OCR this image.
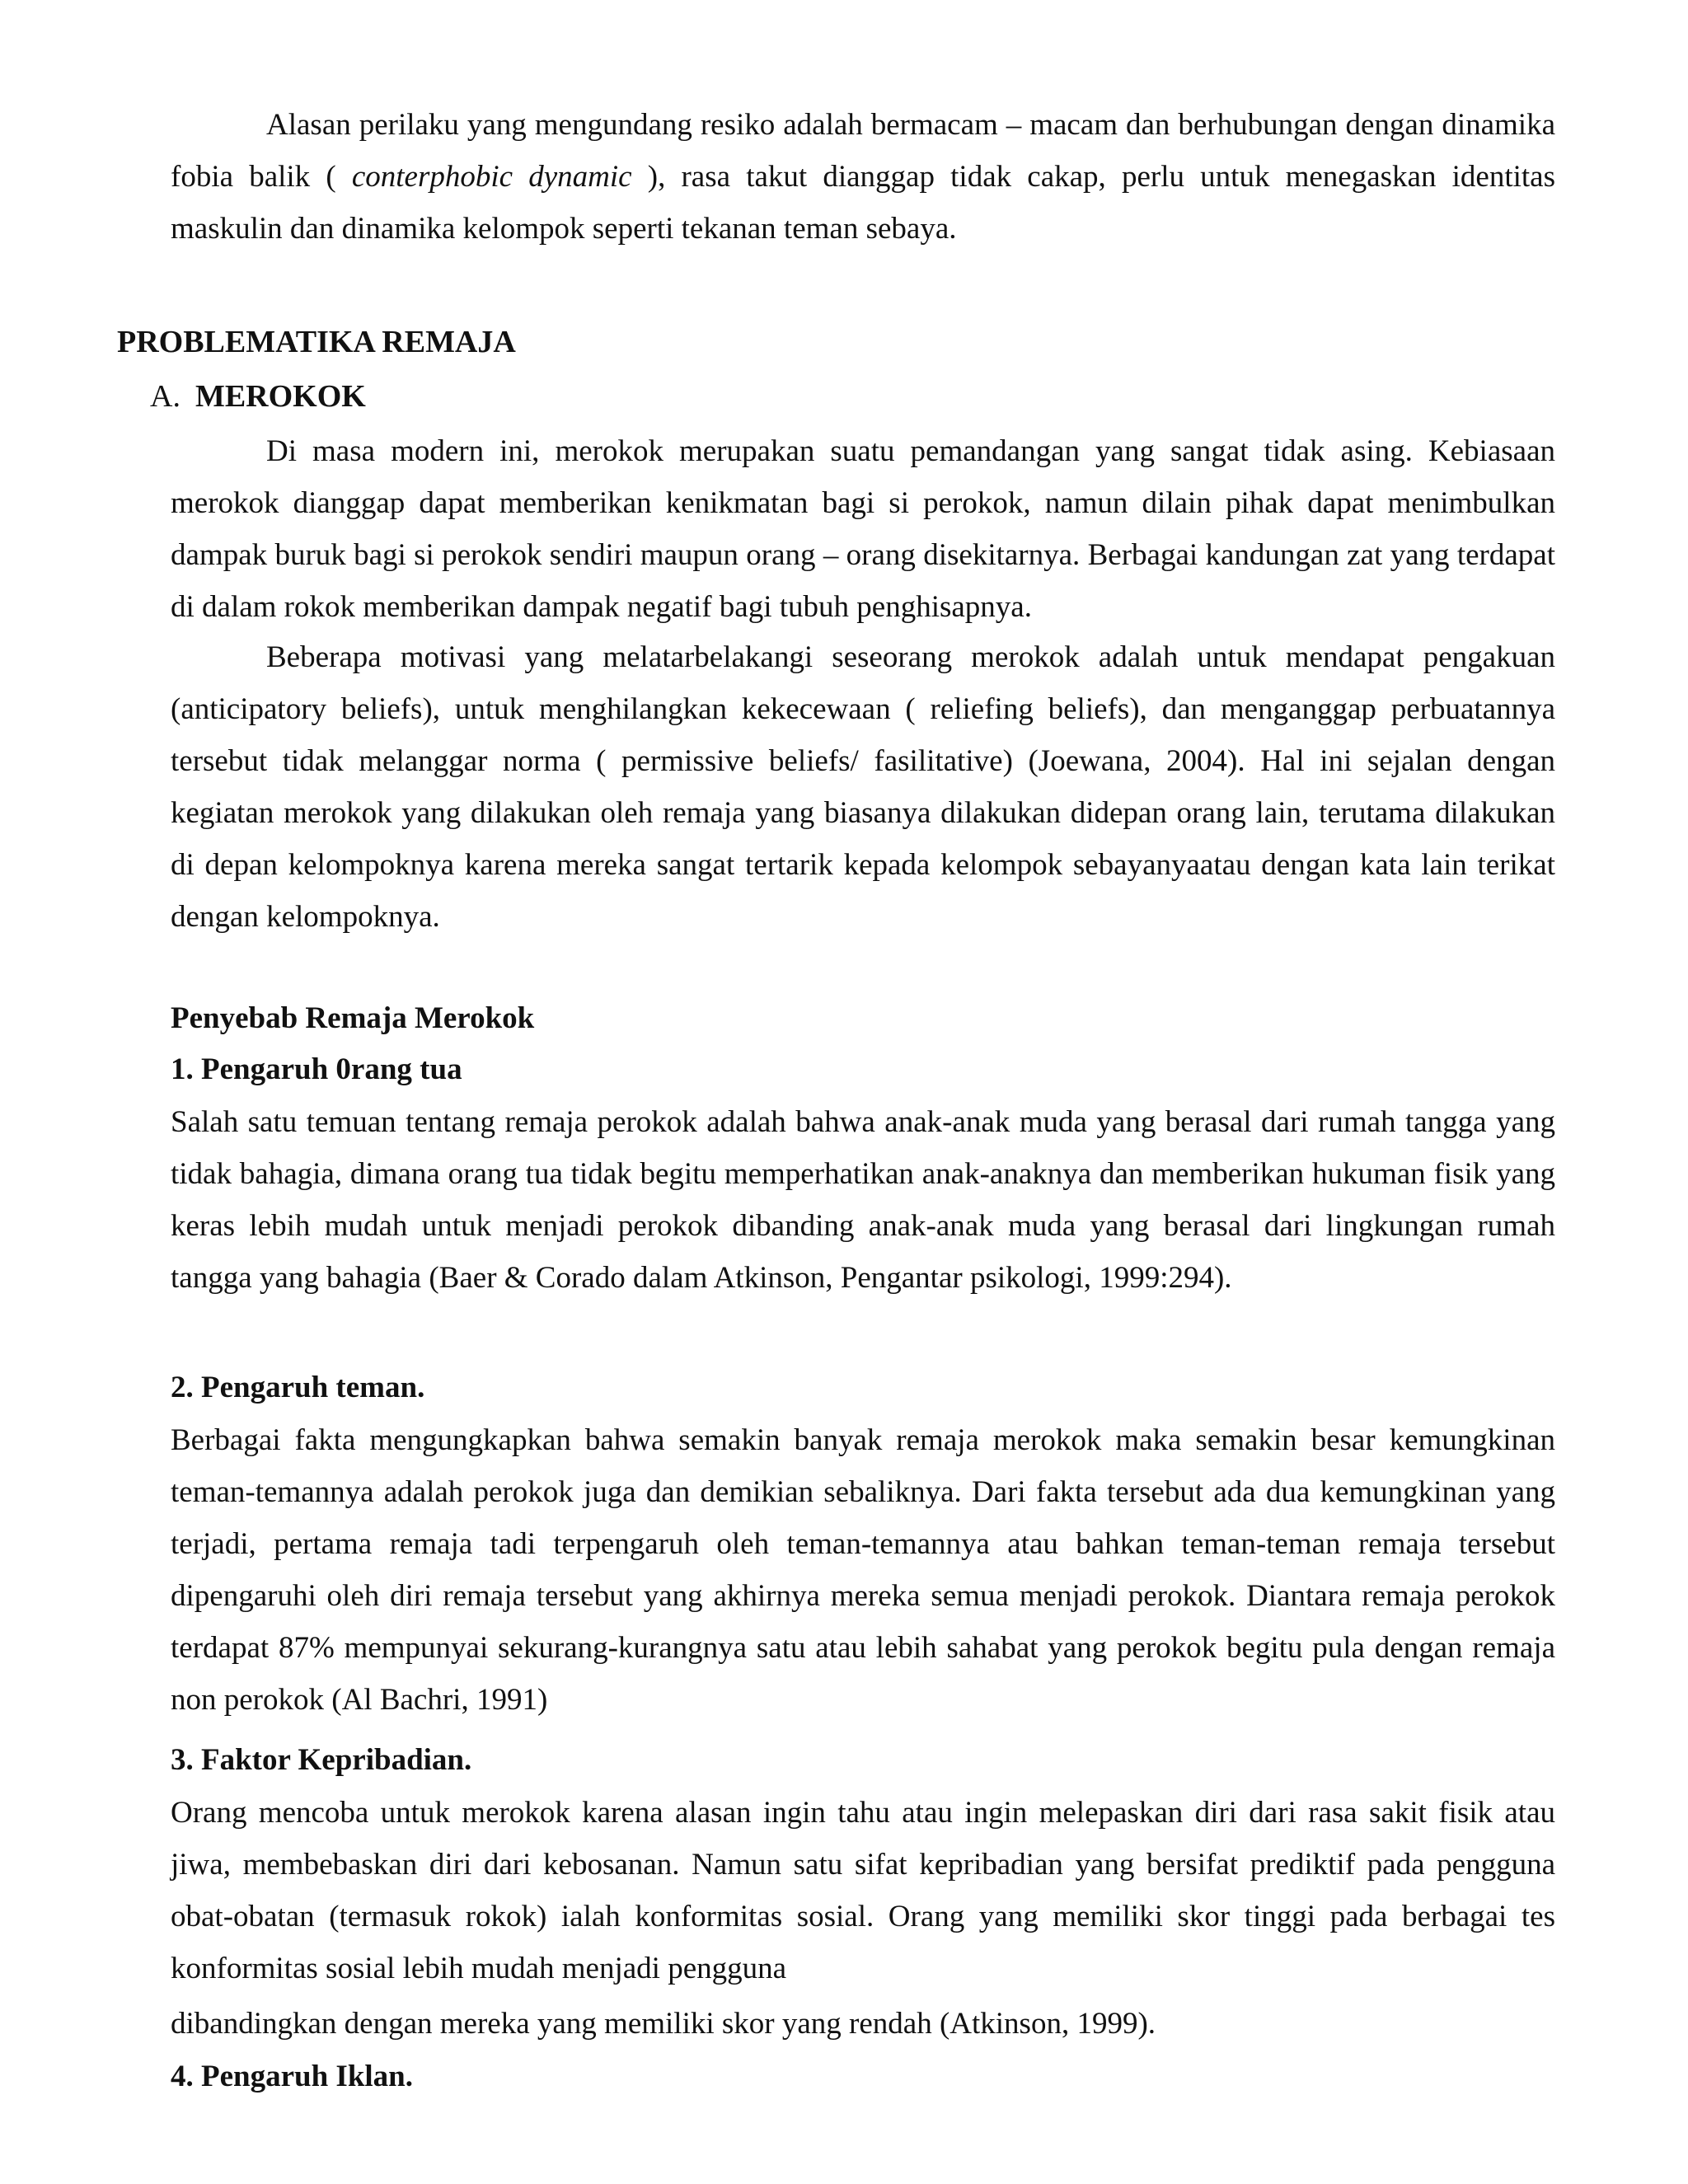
Alasan perilaku yang mengundang resiko adalah bermacam – macam dan berhubungan dengan dinamika fobia balik ( conterphobic dynamic ), rasa takut dianggap tidak cakap, perlu untuk menegaskan identitas maskulin dan dinamika kelompok seperti tekanan teman sebaya.

PROBLEMATIKA REMAJA
A. MEROKOK

Di masa modern ini, merokok merupakan suatu pemandangan yang sangat tidak asing. Kebiasaan merokok dianggap dapat memberikan kenikmatan bagi si perokok, namun dilain pihak dapat menimbulkan dampak buruk bagi si perokok sendiri maupun orang – orang disekitarnya. Berbagai kandungan zat yang terdapat di dalam rokok memberikan dampak negatif bagi tubuh penghisapnya.

Beberapa motivasi yang melatarbelakangi seseorang merokok adalah untuk mendapat pengakuan (anticipatory beliefs), untuk menghilangkan kekecewaan ( reliefing beliefs), dan menganggap perbuatannya tersebut tidak melanggar norma ( permissive beliefs/ fasilitative) (Joewana, 2004). Hal ini sejalan dengan kegiatan merokok yang dilakukan oleh remaja yang biasanya dilakukan didepan orang lain, terutama dilakukan di depan kelompoknya karena mereka sangat tertarik kepada kelompok sebayanyaatau dengan kata lain terikat dengan kelompoknya.

Penyebab Remaja Merokok
1. Pengaruh 0rang tua

Salah satu temuan tentang remaja perokok adalah bahwa anak-anak muda yang berasal dari rumah tangga yang tidak bahagia, dimana orang tua tidak begitu memperhatikan anak-anaknya dan memberikan hukuman fisik yang keras lebih mudah untuk menjadi perokok dibanding anak-anak muda yang berasal dari lingkungan rumah tangga yang bahagia (Baer & Corado dalam Atkinson, Pengantar psikologi, 1999:294).

2. Pengaruh teman.

Berbagai fakta mengungkapkan bahwa semakin banyak remaja merokok maka semakin besar kemungkinan teman-temannya adalah perokok juga dan demikian sebaliknya. Dari fakta tersebut ada dua kemungkinan yang terjadi, pertama remaja tadi terpengaruh oleh teman-temannya atau bahkan teman-teman remaja tersebut dipengaruhi oleh diri remaja tersebut yang akhirnya mereka semua menjadi perokok. Diantara remaja perokok terdapat 87% mempunyai sekurang-kurangnya satu atau lebih sahabat yang perokok begitu pula dengan remaja non perokok (Al Bachri, 1991)

3. Faktor Kepribadian.

Orang mencoba untuk merokok karena alasan ingin tahu atau ingin melepaskan diri dari rasa sakit fisik atau jiwa, membebaskan diri dari kebosanan. Namun satu sifat kepribadian yang bersifat prediktif pada pengguna obat-obatan (termasuk rokok) ialah konformitas sosial. Orang yang memiliki skor tinggi pada berbagai tes konformitas sosial lebih mudah menjadi pengguna

dibandingkan dengan mereka yang memiliki skor yang rendah (Atkinson, 1999).
4. Pengaruh Iklan.
